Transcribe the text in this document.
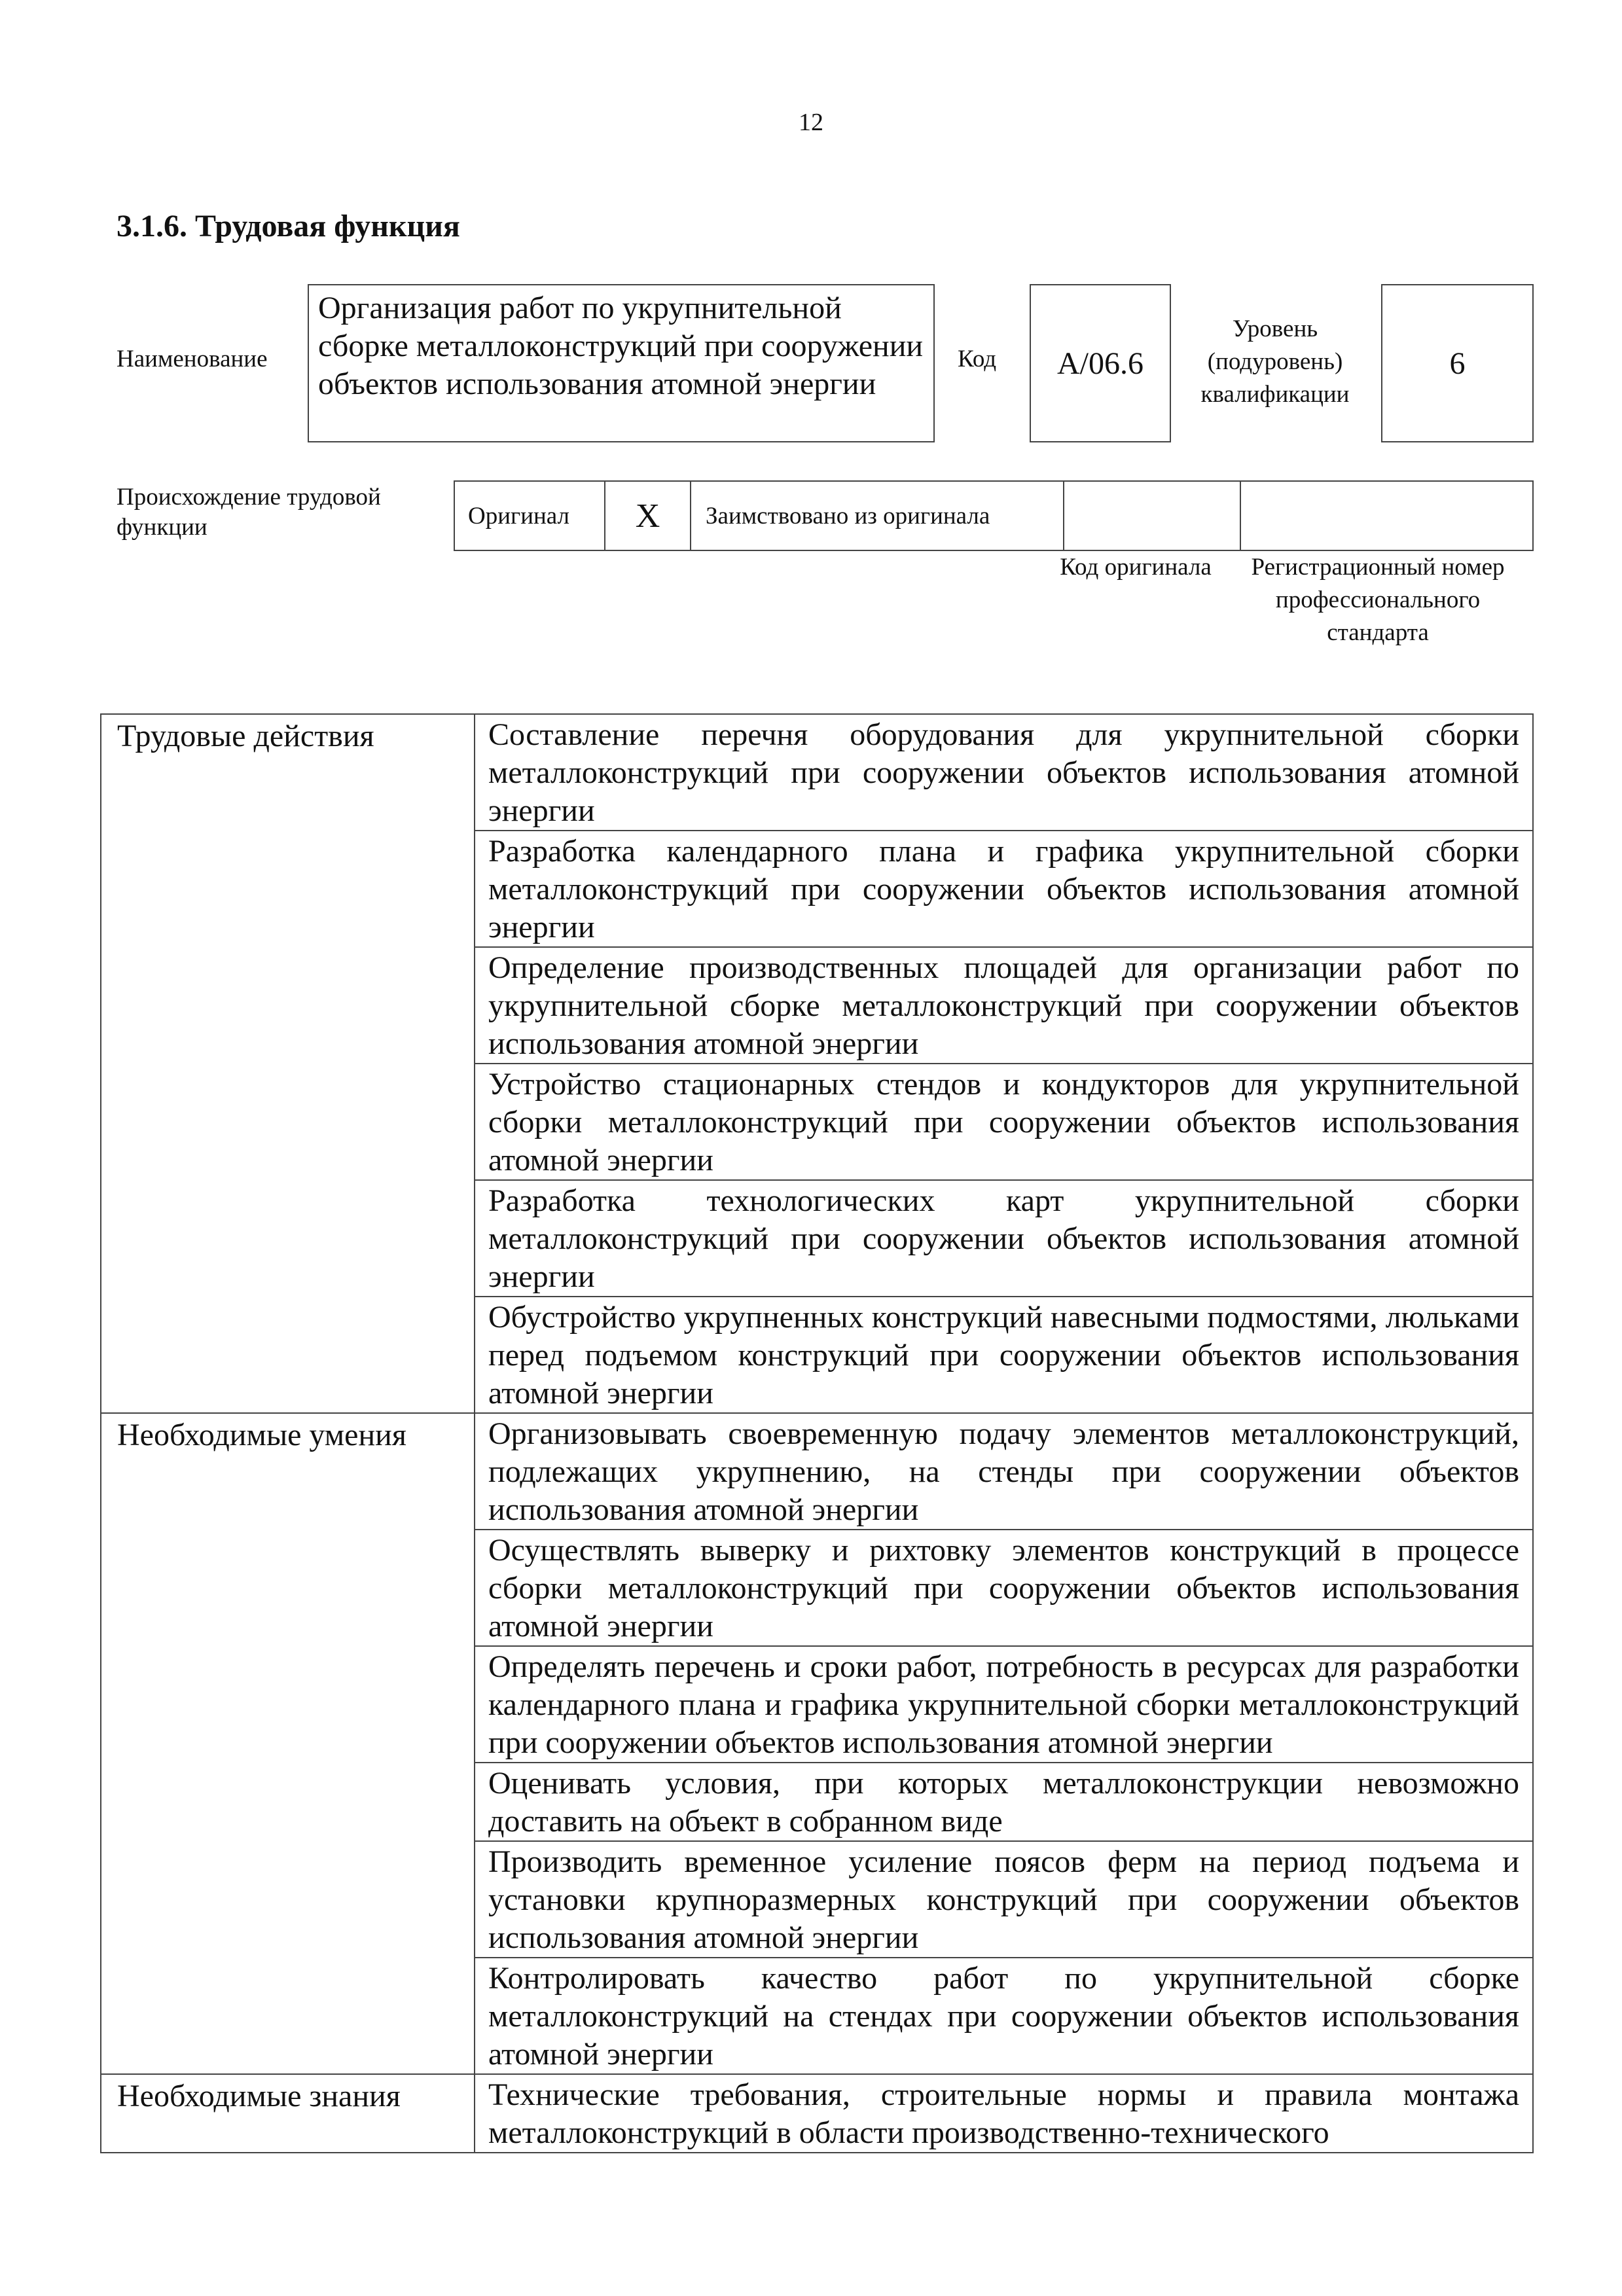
12
3.1.6. Трудовая функция
Наименование
Организация работ по укрупнительной сборке металлоконструкций при сооружении объектов использования атомной энергии
Код A/06.6
Уровень (подуровень) квалификации
6
Происхождение трудовой функции	Оригинал	X	Заимствовано из оригинала
Код оригинала	Регистрационный номер профессионального стандарта
Трудовые действия	Составление перечня оборудования для укрупнительной сборки металлоконструкций при сооружении объектов использования атомной энергии
	Разработка календарного плана и графика укрупнительной сборки металлоконструкций при сооружении объектов использования атомной энергии
	Определение производственных площадей для организации работ по укрупнительной сборке металлоконструкций при сооружении объектов использования атомной энергии
	Устройство стационарных стендов и кондукторов для укрупнительной сборки металлоконструкций при сооружении объектов использования атомной энергии
	Разработка технологических карт укрупнительной сборки металлоконструкций при сооружении объектов использования атомной энергии
	Обустройство укрупненных конструкций навесными подмостями, люльками перед подъемом конструкций при сооружении объектов использования атомной энергии
Необходимые умения	Организовывать своевременную подачу элементов металлоконструкций, подлежащих укрупнению, на стенды при сооружении объектов использования атомной энергии
	Осуществлять выверку и рихтовку элементов конструкций в процессе сборки металлоконструкций при сооружении объектов использования атомной энергии
	Определять перечень и сроки работ, потребность в ресурсах для разработки календарного плана и графика укрупнительной сборки металлоконструкций при сооружении объектов использования атомной энергии
	Оценивать условия, при которых металлоконструкции невозможно доставить на объект в собранном виде
	Производить временное усиление поясов ферм на период подъема и установки крупноразмерных конструкций при сооружении объектов использования атомной энергии
	Контролировать качество работ по укрупнительной сборке металлоконструкций на стендах при сооружении объектов использования атомной энергии
Необходимые знания	Технические требования, строительные нормы и правила монтажа металлоконструкций в области производственно-технического
